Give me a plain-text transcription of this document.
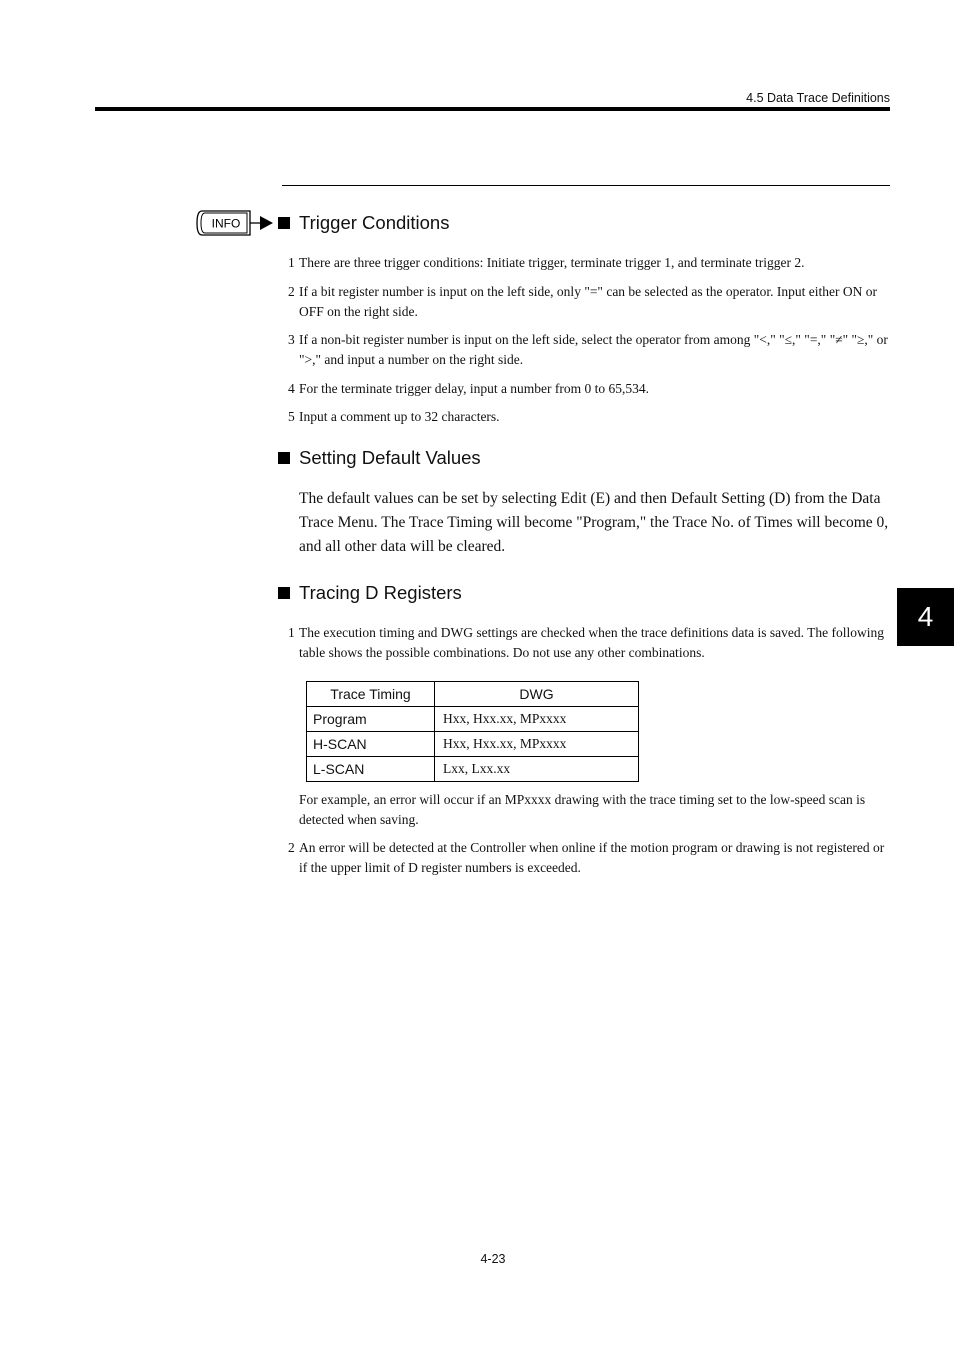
4.5 Data Trace Definitions
INFO	Trigger Conditions
1 There are three trigger conditions: Initiate trigger, terminate trigger 1, and terminate trigger 2.
2 If a bit register number is input on the left side, only "=" can be selected as the operator. Input either ON or OFF on the right side.
3 If a non-bit register number is input on the left side, select the operator from among "<," "≤," "=," "≠" "≥," or ">," and input a number on the right side.
4 For the terminate trigger delay, input a number from 0 to 65,534.
5 Input a comment up to 32 characters.
Setting Default Values
The default values can be set by selecting Edit (E) and then Default Setting (D) from the Data Trace Menu. The Trace Timing will become "Program," the Trace No. of Times will become 0, and all other data will be cleared.
Tracing D Registers
1 The execution timing and DWG settings are checked when the trace definitions data is saved. The following table shows the possible combinations. Do not use any other combinations.
Trace Timing	DWG
Program	Hxx, Hxx.xx, MPxxxx
H-SCAN	Hxx, Hxx.xx, MPxxxx
L-SCAN	Lxx, Lxx.xx
For example, an error will occur if an MPxxxx drawing with the trace timing set to the low-speed scan is detected when saving.
2 An error will be detected at the Controller when online if the motion program or drawing is not registered or if the upper limit of D register numbers is exceeded.
4
4-23
